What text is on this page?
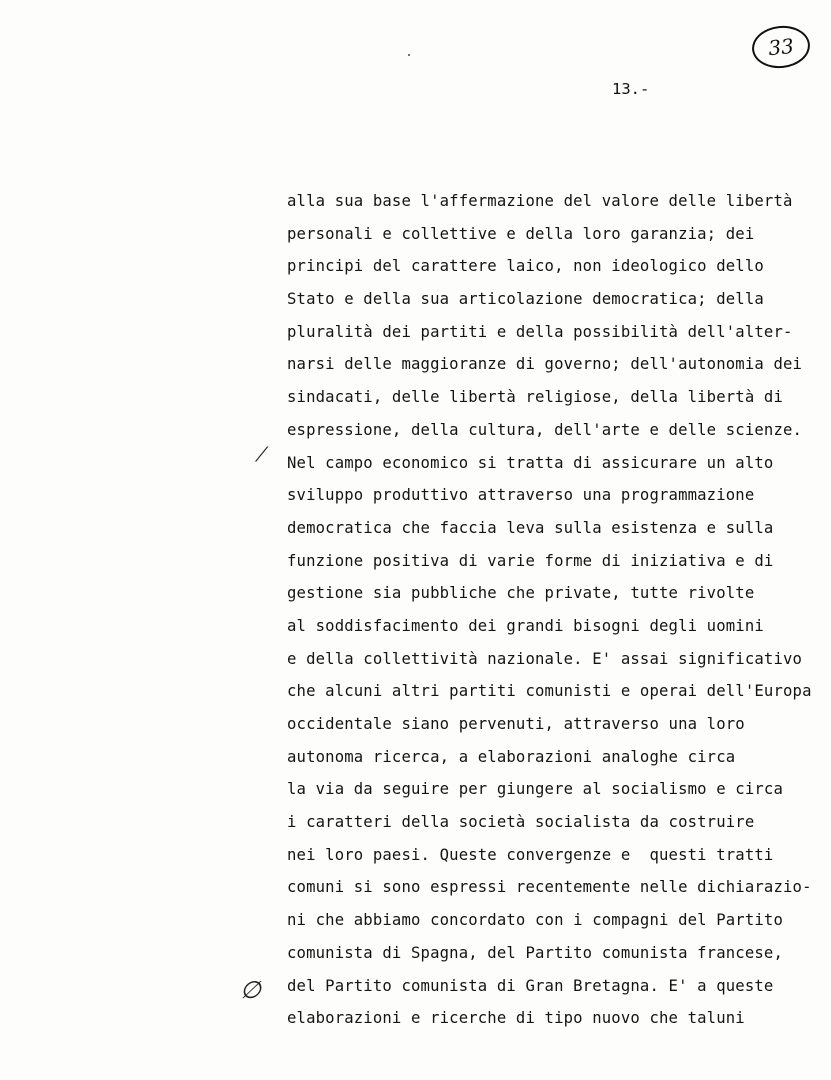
33
13.-
⁄
∅
alla sua base l'affermazione del valore delle libertà
personali e collettive e della loro garanzia; dei
principi del carattere laico, non ideologico dello
Stato e della sua articolazione democratica; della
pluralità dei partiti e della possibilità dell'alter-
narsi delle maggioranze di governo; dell'autonomia dei
sindacati, delle libertà religiose, della libertà di
espressione, della cultura, dell'arte e delle scienze.
Nel campo economico si tratta di assicurare un alto
sviluppo produttivo attraverso una programmazione
democratica che faccia leva sulla esistenza e sulla
funzione positiva di varie forme di iniziativa e di
gestione sia pubbliche che private, tutte rivolte
al soddisfacimento dei grandi bisogni degli uomini
e della collettività nazionale. E' assai significativo
che alcuni altri partiti comunisti e operai dell'Europa
occidentale siano pervenuti, attraverso una loro
autonoma ricerca, a elaborazioni analoghe circa
la via da seguire per giungere al socialismo e circa
i caratteri della società socialista da costruire
nei loro paesi. Queste convergenze e  questi tratti
comuni si sono espressi recentemente nelle dichiarazio-
ni che abbiamo concordato con i compagni del Partito
comunista di Spagna, del Partito comunista francese,
del Partito comunista di Gran Bretagna. E' a queste
elaborazioni e ricerche di tipo nuovo che taluni
